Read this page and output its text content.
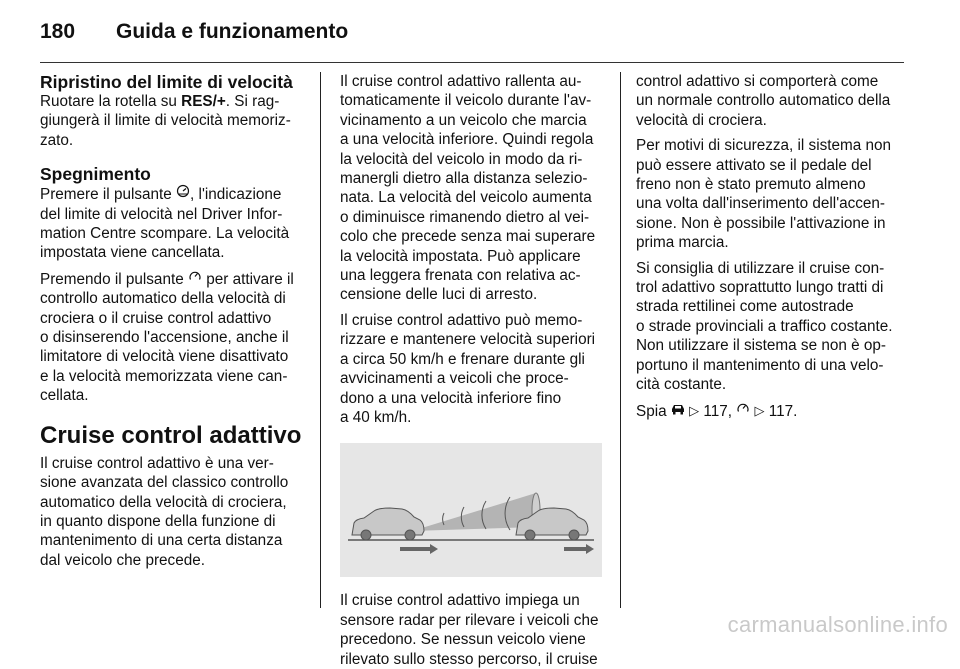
180	Guida e funzionamento
Ripristino del limite di velocità
Ruotare la rotella su RES/+. Si rag-
giungerà il limite di velocità memoriz-
zato.
Spegnimento
Premere il pulsante , l'indicazione
del limite di velocità nel Driver Infor-
mation Centre scompare. La velocità
impostata viene cancellata.
Premendo il pulsante  per attivare il
controllo automatico della velocità di
crociera o il cruise control adattivo
o disinserendo l'accensione, anche il
limitatore di velocità viene disattivato
e la velocità memorizzata viene can-
cellata.
Cruise control adattivo
Il cruise control adattivo è una ver-
sione avanzata del classico controllo
automatico della velocità di crociera,
in quanto dispone della funzione di
mantenimento di una certa distanza
dal veicolo che precede.
Il cruise control adattivo rallenta au-
tomaticamente il veicolo durante l'av-
vicinamento a un veicolo che marcia
a una velocità inferiore. Quindi regola
la velocità del veicolo in modo da ri-
manergli dietro alla distanza selezio-
nata. La velocità del veicolo aumenta
o diminuisce rimanendo dietro al vei-
colo che precede senza mai superare
la velocità impostata. Può applicare
una leggera frenata con relativa ac-
censione delle luci di arresto.
Il cruise control adattivo può memo-
rizzare e mantenere velocità superiori
a circa 50 km/h e frenare durante gli
avvicinamenti a veicoli che proce-
dono a una velocità inferiore fino
a 40 km/h.
Il cruise control adattivo impiega un
sensore radar per rilevare i veicoli che
precedono. Se nessun veicolo viene
rilevato sullo stesso percorso, il cruise
control adattivo si comporterà come
un normale controllo automatico della
velocità di crociera.
Per motivi di sicurezza, il sistema non
può essere attivato se il pedale del
freno non è stato premuto almeno
una volta dall'inserimento dell'accen-
sione. Non è possibile l'attivazione in
prima marcia.
Si consiglia di utilizzare il cruise con-
trol adattivo soprattutto lungo tratti di
strada rettilinei come autostrade
o strade provinciali a traffico costante.
Non utilizzare il sistema se non è op-
portuno il mantenimento di una velo-
cità costante.
Spia ▷ 117,  ▷ 117.
carmanualsonline.info
